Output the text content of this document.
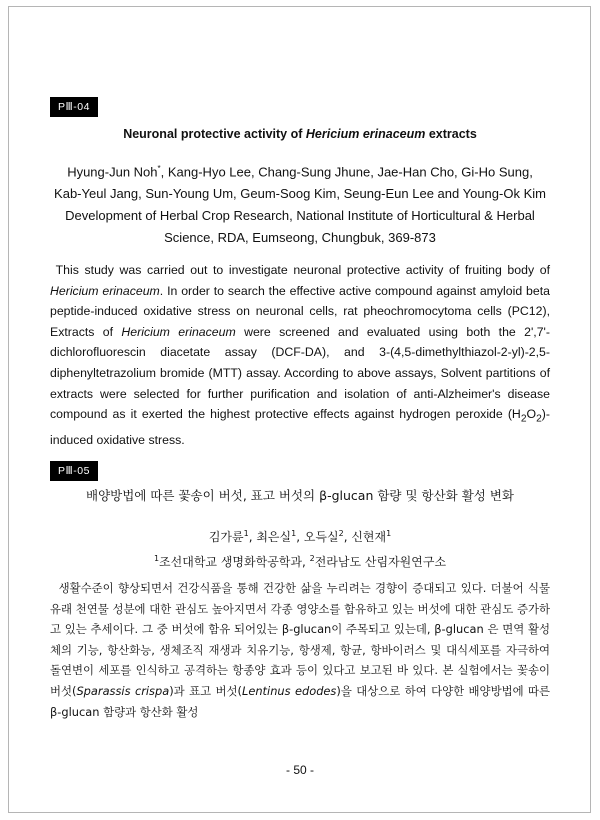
PⅢ-04
Neuronal protective activity of Hericium erinaceum extracts
Hyung-Jun Noh*, Kang-Hyo Lee, Chang-Sung Jhune, Jae-Han Cho, Gi-Ho Sung,
Kab-Yeul Jang, Sun-Young Um, Geum-Soog Kim, Seung-Eun Lee and Young-Ok Kim
Development of Herbal Crop Research, National Institute of Horticultural & Herbal
Science, RDA, Eumseong, Chungbuk, 369-873

This study was carried out to investigate neuronal protective activity of fruiting body of Hericium erinaceum. In order to search the effective active compound against amyloid beta peptide-induced oxidative stress on neuronal cells, rat pheochromocytoma cells (PC12), Extracts of Hericium erinaceum were screened and evaluated using both the 2',7'-dichlorofluorescin diacetate assay (DCF-DA), and 3-(4,5-dimethylthiazol-2-yl)-2,5-diphenyltetrazolium bromide (MTT) assay. According to above assays, Solvent partitions of extracts were selected for further purification and isolation of anti-Alzheimer's disease compound as it exerted the highest protective effects against hydrogen peroxide $(H_2O_2)$-induced oxidative stress.

PⅢ-05
배양방법에 따른 꽃송이 버섯, 표고 버섯의 β-glucan 함량 및 항산화 활성 변화
김가륜$^1$, 최은실$^1$, 오득실$^2$, 신현재$^1$
$^1$조선대학교 생명화학공학과, $^2$전라남도 산림자원연구소

생활수준이 향상되면서 건강식품을 통해 건강한 삶을 누리려는 경향이 증대되고 있다. 더불어 식물유래 천연물 성분에 대한 관심도 높아지면서 각종 영양소를 함유하고 있는 버섯에 대한 관심도 증가하고 있는 추세이다. 그 중 버섯에 함유 되어있는 β-glucan이 주목되고 있는데, β-glucan 은 면역 활성체의 기능, 항산화능, 생체조직 재생과 치유기능, 항생제, 항균, 항바이러스 및 대식세포를 자극하여 돌연변이 세포를 인식하고 공격하는 항종양 효과 등이 있다고 보고된 바 있다. 본 실험에서는 꽃송이 버섯(Sparassis crispa)과 표고 버섯(Lentinus edodes)을 대상으로 하여 다양한 배양방법에 따른 β-glucan 함량과 항산화 활성

- 50 -
